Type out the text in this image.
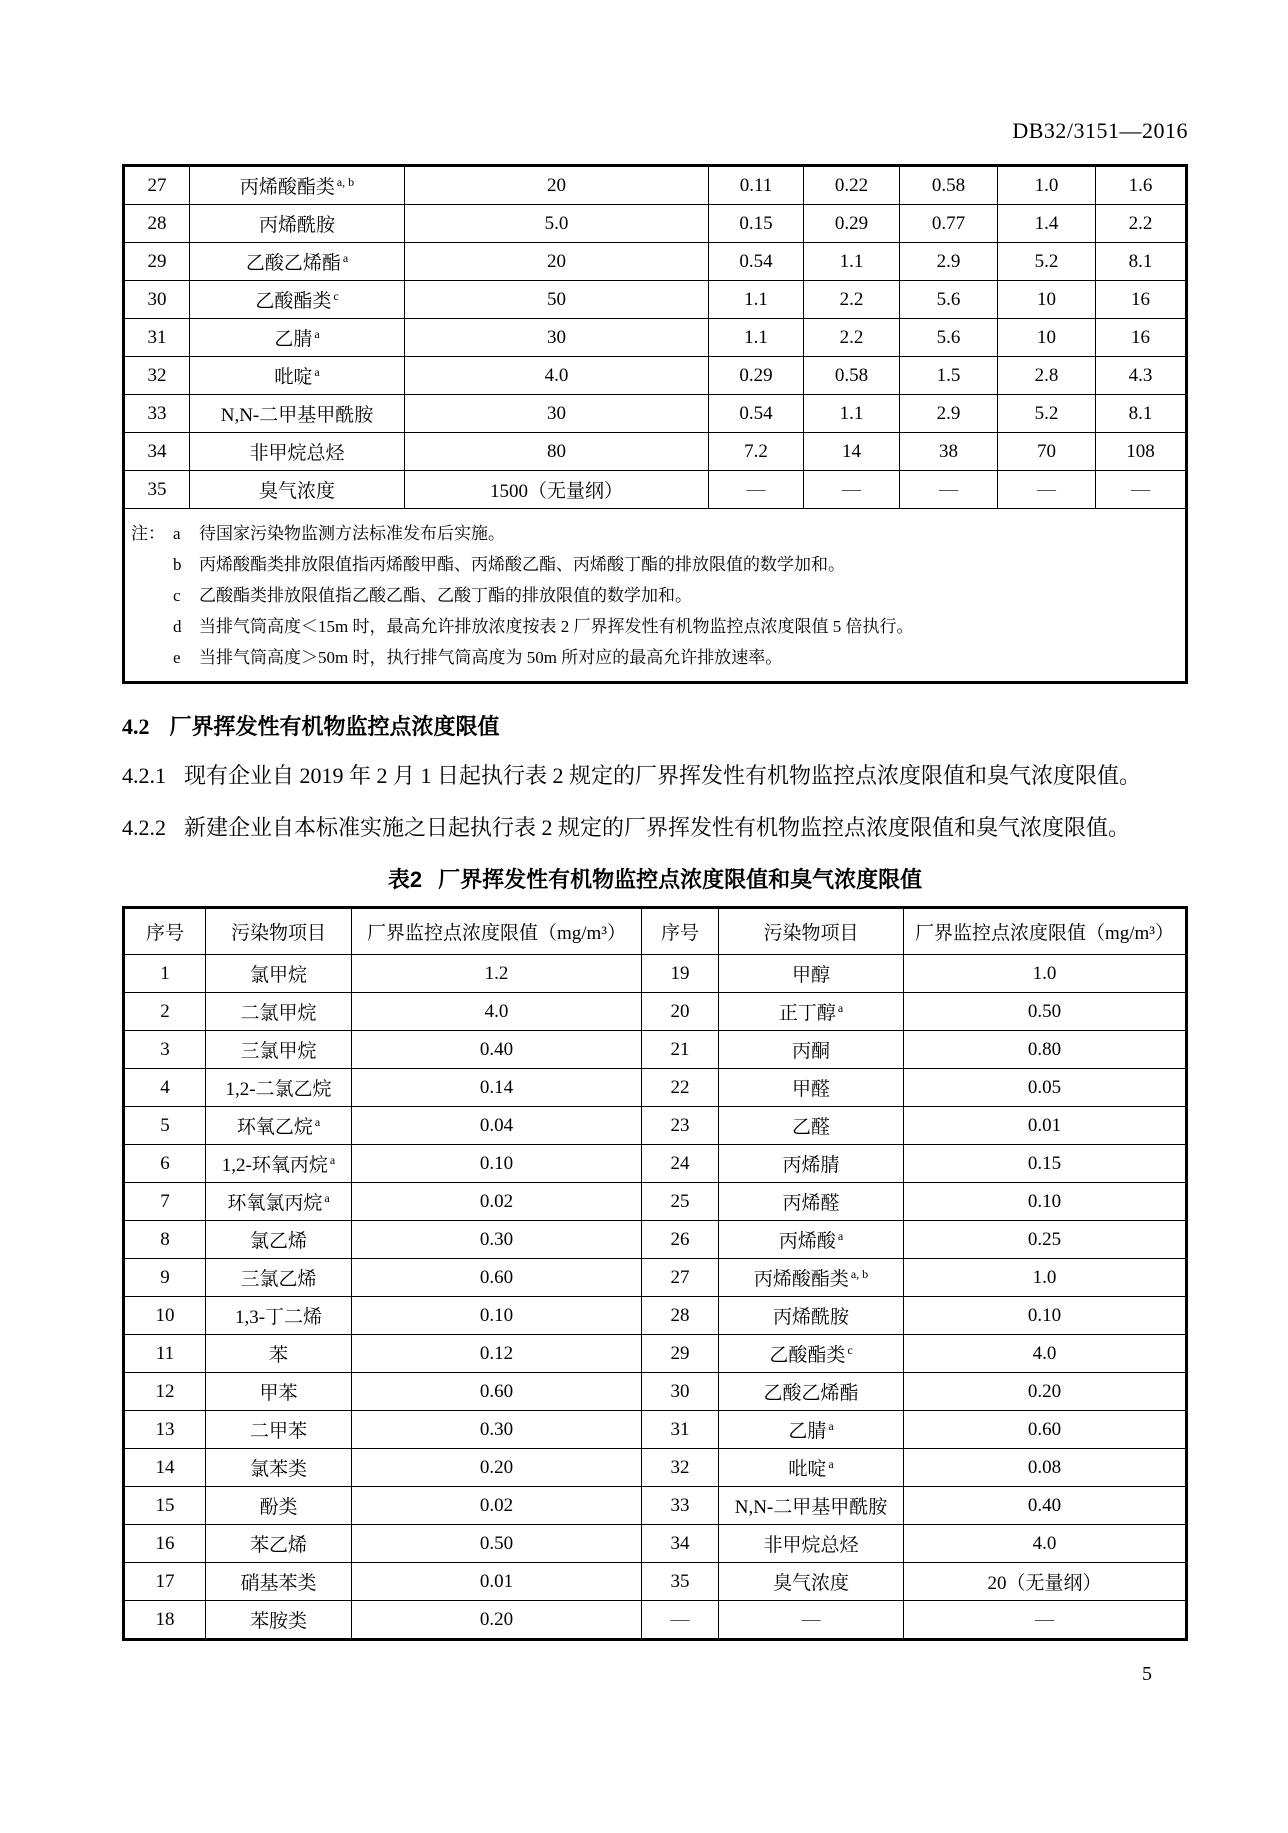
DB32/3151—2016
27	丙烯酸酯类 $^{a, b}$	20	0.11	0.22	0.58	1.0	1.6
28	丙烯酰胺	5.0	0.15	0.29	0.77	1.4	2.2
29	乙酸乙烯酯 $^a$	20	0.54	1.1	2.9	5.2	8.1
30	乙酸酯类 $^c$	50	1.1	2.2	5.6	10	16
31	乙腈 $^a$	30	1.1	2.2	5.6	10	16
32	吡啶 $^a$	4.0	0.29	0.58	1.5	2.8	4.3
33	N,N-二甲基甲酰胺	30	0.54	1.1	2.9	5.2	8.1
34	非甲烷总烃	80	7.2	14	38	70	108
35	臭气浓度	1500（无量纲）	—	—	—	—	—

注： a	待国家污染物监测方法标准发布后实施。
b	丙烯酸酯类排放限值指丙烯酸甲酯、丙烯酸乙酯、丙烯酸丁酯的排放限值的数学加和。
c	乙酸酯类排放限值指乙酸乙酯、乙酸丁酯的排放限值的数学加和。
d	当排气筒高度＜15m 时，最高允许排放浓度按表 2 厂界挥发性有机物监控点浓度限值 5 倍执行。
e	当排气筒高度＞50m 时，执行排气筒高度为 50m 所对应的最高允许排放速率。
4.2 厂界挥发性有机物监控点浓度限值

4.2.1 现有企业自 2019 年 2 月 1 日起执行表 2 规定的厂界挥发性有机物监控点浓度限值和臭气浓度限值。

4.2.2 新建企业自本标准实施之日起执行表 2 规定的厂界挥发性有机物监控点浓度限值和臭气浓度限值。

表2 厂界挥发性有机物监控点浓度限值和臭气浓度限值
序号	污染物项目	厂界监控点浓度限值（mg/m³）	序号	污染物项目	厂界监控点浓度限值（mg/m³）
1	氯甲烷	1.2	19	甲醇	1.0
2	二氯甲烷	4.0	20	正丁醇 $^a$	0.50
3	三氯甲烷	0.40	21	丙酮	0.80
4	1,2-二氯乙烷	0.14	22	甲醛	0.05
5	环氧乙烷 $^a$	0.04	23	乙醛	0.01
6	1,2-环氧丙烷 $^a$	0.10	24	丙烯腈	0.15
7	环氧氯丙烷 $^a$	0.02	25	丙烯醛	0.10
8	氯乙烯	0.30	26	丙烯酸 $^a$	0.25
9	三氯乙烯	0.60	27	丙烯酸酯类 $^{a, b}$	1.0
10	1,3-丁二烯	0.10	28	丙烯酰胺	0.10
11	苯	0.12	29	乙酸酯类 $^c$	4.0
12	甲苯	0.60	30	乙酸乙烯酯	0.20
13	二甲苯	0.30	31	乙腈 $^a$	0.60
14	氯苯类	0.20	32	吡啶 $^a$	0.08
15	酚类	0.02	33	N,N-二甲基甲酰胺	0.40
16	苯乙烯	0.50	34	非甲烷总烃	4.0
17	硝基苯类	0.01	35	臭气浓度	20（无量纲）
18	苯胺类	0.20	—	—	—
5
